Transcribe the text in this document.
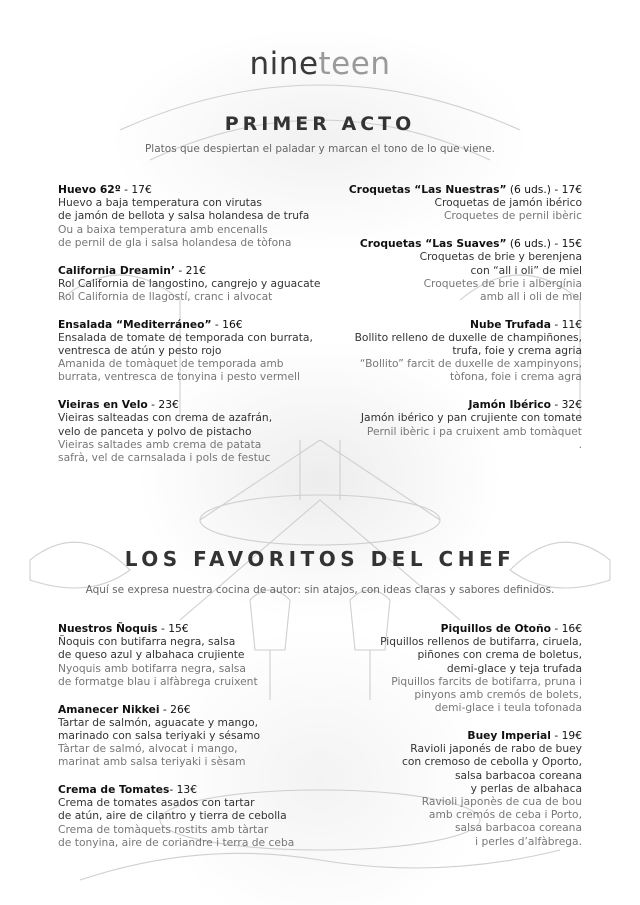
nineteen
PRIMER ACTO
Platos que despiertan el paladar y marcan el tono de lo que viene.
Huevo 62º - 17€
Huevo a baja temperatura con virutas
de jamón de bellota y salsa holandesa de trufa
Ou a baixa temperatura amb encenalls
de pernil de gla i salsa holandesa de tòfona
California Dreamin’ - 21€
Rol California de langostino, cangrejo y aguacate
Rol California de llagostí, cranc i alvocat
Ensalada “Mediterráneo” - 16€
Ensalada de tomate de temporada con burrata,
ventresca de atún y pesto rojo
Amanida de tomàquet de temporada amb
burrata, ventresca de tonyina i pesto vermell
Vieiras en Velo - 23€
Vieiras salteadas con crema de azafrán,
velo de panceta y polvo de pistacho
Vieiras saltades amb crema de patata
safrà, vel de carnsalada i pols de festuc
Croquetas “Las Nuestras” (6 uds.) - 17€
Croquetas de jamón ibérico
Croquetes de pernil ibèric
Croquetas “Las Suaves” (6 uds.) - 15€
Croquetas de brie y berenjena
con “all i oli” de miel
Croquetes de brie i albergínia
amb all i oli de mel
Nube Trufada - 11€
Bollito relleno de duxelle de champiñones,
trufa, foie y crema agria
“Bollito” farcit de duxelle de xampinyons,
tòfona, foie i crema agra
Jamón Ibérico - 32€
Jamón ibérico y pan crujiente con tomate
Pernil ibèric i pa cruixent amb tomàquet
.
LOS FAVORITOS DEL CHEF
Aquí se expresa nuestra cocina de autor: sin atajos, con ideas claras y sabores definidos.
Nuestros Ñoquis - 15€
Ñoquis con butifarra negra, salsa
de queso azul y albahaca crujiente
Nyoquis amb botifarra negra, salsa
de formatge blau i alfàbrega cruixent
Amanecer Nikkei - 26€
Tartar de salmón, aguacate y mango,
marinado con salsa teriyaki y sésamo
Tàrtar de salmó, alvocat i mango,
marinat amb salsa teriyaki i sèsam
Crema de Tomates- 13€
Crema de tomates asados con tartar
de atún, aire de cilantro y tierra de cebolla
Crema de tomàquets rostits amb tàrtar
de tonyina, aire de coriandre i terra de ceba
Piquillos de Otoño - 16€
Piquillos rellenos de butifarra, ciruela,
piñones con crema de boletus,
demi-glace y teja trufada
Piquillos farcits de botifarra, pruna i
pinyons amb cremós de bolets,
demi-glace i teula tofonada
Buey Imperial - 19€
Ravioli japonés de rabo de buey
con cremoso de cebolla y Oporto,
salsa barbacoa coreana
y perlas de albahaca
Ravioli japonès de cua de bou
amb cremós de ceba i Porto,
salsa barbacoa coreana
i perles d’alfàbrega.
